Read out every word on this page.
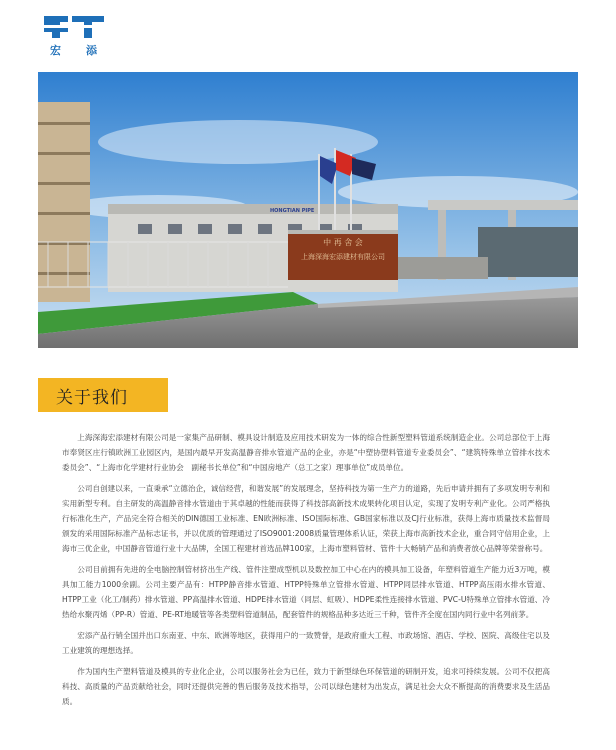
宏 添
HONGTIAN PIPE
中 再 舍 会
上海深海宏添建材有限公司
关于我们

上海深海宏添建材有限公司是一家集产品研制、模具设计制造及应用技术研发为一体的综合性新型塑料管道系统制造企业。公司总部位于上海市奉贤区庄行镇欧洲工业园区内，是国内最早开发高温静音排水管道产品的企业，亦是“中塑协塑料管道专业委员会”、“建筑特殊单立管排水技术委员会”、“上海市化学建材行业协会　副秘书长单位”和“中国房地产（总工之家）理事单位”成员单位。

公司自创建以来，一直秉承“立德治企，诚信经营，和谐发展”的发展理念，坚持科技为第一生产力的道路，先后申请并拥有了多项发明专利和实用新型专利。自主研发的高温静音排水管道由于其卓越的性能而获得了科技部高新技术成果转化项目认定，实现了发明专利产业化。公司严格执行标准化生产，产品完全符合相关的DIN德国工业标准、EN欧洲标准、ISO国际标准、GB国家标准以及CJ行业标准，获得上海市质量技术监督局颁发的采用国际标准产品标志证书，并以优质的管理通过了ISO9001:2008质量管理体系认证，荣获上海市高新技术企业，重合同守信用企业，上海市三优企业，中国静音管道行业十大品牌，全国工程建材首选品牌100家，上海市塑料管材、管件十大畅销产品和消费者放心品牌等荣誉称号。

公司目前拥有先进的全电脑控制管材挤出生产线、管件注塑成型机以及数控加工中心在内的模具加工设备，年塑料管道生产能力近3万吨，模具加工能力1000余副。公司主要产品有：HTPP静音排水管道、HTPP特殊单立管排水管道、HTPP同层排水管道、HTPP高压雨水排水管道、HTPP工业（化工/制药）排水管道、PP高温排水管道、HDPE排水管道（同层、虹吸）、HDPE柔性连接排水管道、PVC-U特殊单立管排水管道、冷热给水聚丙烯（PP-R）管道、PE-RT地暖管等各类塑料管道制品，配套管件的规格品种多达近三千种，管件齐全度在国内同行业中名列前茅。

宏添产品行销全国并出口东南亚、中东、欧洲等地区，获得用户的一致赞誉，是政府重大工程、市政场馆、酒店、学校、医院、高级住宅以及工业建筑的理想选择。

作为国内生产塑料管道及模具的专业化企业，公司以服务社会为已任，致力于新型绿色环保管道的研制开发，追求可持续发展。公司不仅把高科技、高质量的产品贡献给社会，同时还提供完善的售后服务及技术指导，公司以绿色建材为出发点，满足社会大众不断提高的消费要求及生活品质。
